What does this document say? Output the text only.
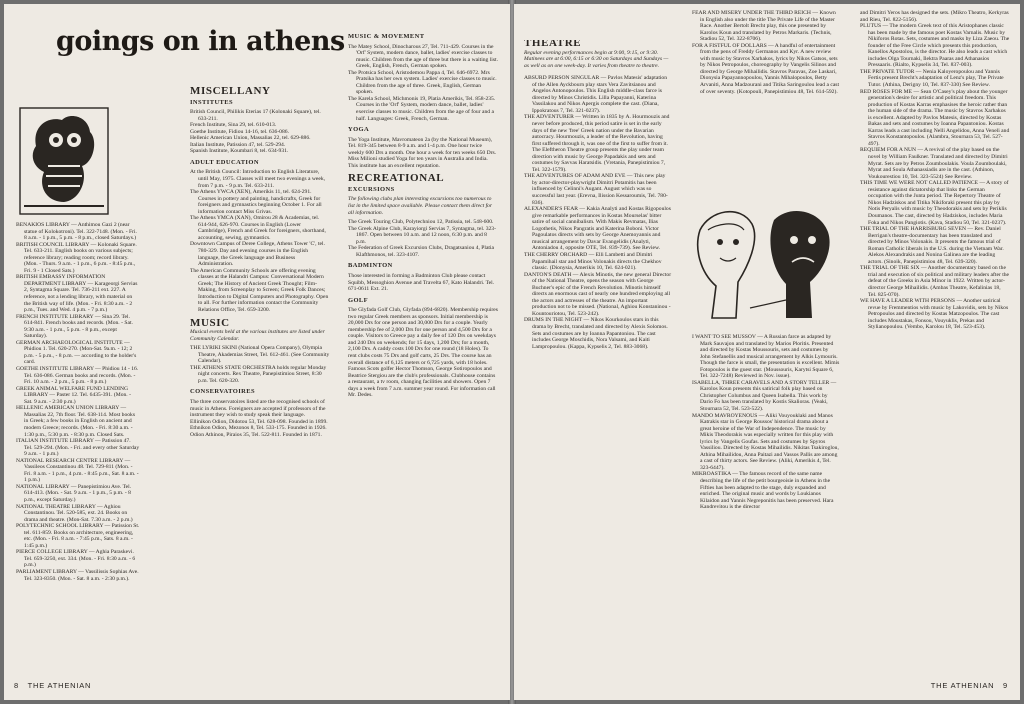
goings on in athens

BENAKIOS LIBRARY — Anthimou Gazi 2 (near statue of Kolokotroni). Tel. 322-7148. (Mon. - Fri. 8 a.m. - 1 p.m., 5 p.m. - 8 p.m., closed Saturdays.)

BRITISH COUNCIL LIBRARY — Kolonaki Square. Tel. 633-211. English books on various subjects; reference library; reading room; record library. (Mon. - Thurs. 9 a.m. - 1 p.m., 6 p.m. - 8:45 p.m., Fri. 9 - 1 Closed Sats.)

BRITISH EMBASSY INFORMATION DEPARTMENT LIBRARY — Karageorgi Servias 2, Syntagma Square. Tel. 736-211 ext. 227. A reference, not a lending library, with material on the British way of life. (Mon. - Fri. 8:30 a.m. - 2 p.m., Tues. and Wed. 4 p.m. - 7 p.m.)

FRENCH INSTITUTE LIBRARY — Sina 29. Tel. 614-841. French books and records. (Mon. - Sat. 9:30 a.m. - 1 p.m., 5 p.m. - 8 p.m., except Saturday).

GERMAN ARCHAEOLOGICAL INSTITUTE — Phidiou 1. Tel. 620-270. (Mon-Sat. 9a.m. - 12; 2 p.m. - 5 p.m., - 8 p.m. — according to the holder's card.

GOETHE INSTITUTE LIBRARY — Phidiou 14 - 16. Tel. 636-086. German books and records. (Mon. - Fri. 10 a.m. - 2 p.m., 5 p.m. - 8 p.m.)

GREEK ANIMAL WELFARE FUND LENDING LIBRARY — Paster 12. Tel. 6435-391. (Mon. - Sat. 9 a.m. - 2:30 p.m.)

HELLENIC AMERICAN UNION LIBRARY — Massalias 22, 7th floor. Tel. 638-114. Most books in Greek; a few books in English on ancient and modern Greece; records. (Mon. - Fri. 8:30 a.m. - 1:30 p.m., 5:30 p.m. - 8:30 p.m. Closed Sats.

ITALIAN INSTITUTE LIBRARY — Patission 47. Tel. 529-294. (Mon. - Fri. and every other Saturday 9 a.m. - 1 p.m.)

NATIONAL RESEARCH CENTRE LIBRARY — Vassileos Constantinou 48. Tel. 729-811 (Mon. - Fri. 8 a.m. - 1 p.m., 4 p.m. - 8:45 p.m., Sat. 8 a.m. - 1 p.m.)

NATIONAL LIBRARY — Panepistimiou Ave. Tel. 614-413. (Mon. - Sat. 9 a.m. - 1 p.m., 5 p.m. - 8 p.m., except Saturday.)

NATIONAL THEATRE LIBRARY — Aghiou Constantinou. Tel. 520-585, ext. 24. Books on drama and theatre. (Mon-Sat. 7.30 a.m. - 2 p.m.)

POLYTECHNIC SCHOOL LIBRARY — Patission St. tel. 611-859. Books on architecture, engineering, etc. (Mon. - Fri. 8 a.m. - 7:45 p.m., Sats. 8 a.m. - 1:45 p.m.)

PIERCE COLLEGE LIBRARY — Aghia Paraskevi. Tel. 659-3250, ext. 334. (Mon. - Fri. 8:30 a.m. - 6 p.m.)

PARLIAMENT LIBRARY — Vassilissis Sophias Ave. Tel. 323-8350. (Mon. - Sat. 8 a.m. - 2:30 p.m.).

MISCELLANY
INSTITUTES

British Council, Philikis Eterias 17 (Kolonaki Square), tel. 633-211.

French Institute, Sina 29, tel. 610-013.

Goethe Institute, Fidiou 14-16, tel. 636-086.

Hellenic American Union, Massalias 22, tel. 629-886.

Italian Institute, Patission 47, tel. 529-294.

Spanish Institute, Koumbari 8, tel. 634-931.

ADULT EDUCATION

At the British Council: Introduction to English Literature, until May, 1975. Classes will meet two evenings a week, from 7 p.m. - 9 p.m. Tel. 633-211.

The Athens YWCA (XEN), Amerikis 11, tel. 624-291. Courses in pottery and painting, handicrafts, Greek for foreigners and gymnastics beginning October 1. For all information contact Miss Grivas.

The Athens YMCA (XAN), Omirou 28 & Academias, tel. 614-944, 626-970. Courses in English (Lower Cambridge), French and Greek for foreigners, shorthand, accounting, sewing, gymnastics.

Downtown Campus of Deree College, Athens Tower 'C', tel. 780-329. Day and evening courses in the English language, the Greek language and Business Administration.

The American Community Schools are offering evening classes at the Halandri Campus: Conversational Modern Greek; The History of Ancient Greek Thought; Film-Making, from Screenplay to Screen; Greek Folk Dances; Introduction to Digital Computers and Photography. Open to all. For further information contact the Community Relations Office, Tel. 659-3200.

MUSIC

Musical events held at the various institutes are listed under Community Calendar.

THE LYRIKI SKINI (National Opera Company), Olympia Theatre, Akademias Street, Tel. 612-461. (See Community Calendar).

THE ATHENS STATE ORCHESTRA holds regular Monday night concerts. Rex Theatre, Panepistimiou Street, 8:30 p.m. Tel. 620-320.

CONSERVATOIRES

The three conservatoires listed are the recognised schools of music in Athens. Foreigners are accepted if professors of the instrument they wish to study speak their language.

Ellinikon Odion, Didotou 53, Tel. 628-098. Founded in 1899.

Ethnikon Odion, Mezonos 8, Tel. 533-175. Founded in 1926.

Odion Athinon, Piraios 35, Tel. 522-811. Founded in 1871.

MUSIC & MOVEMENT

The Matey School, Dinocharous 27, Tel. 711-429. Courses in the 'Orf' System, modern dance, ballet, ladies' exercise classes to music. Children from the age of three but there is a waiting list. Greek, English, French, German spoken.

The Protsica School, Aristodemou Pappa 4, Tel. 646-6972. Mrs Pratsika has her own system. Ladies' exercise classes to music. Children from the age of three. Greek, English, German spoken.

The Karela School, Michmonis 19, Platia Amerikis, Tel. 858-235. Courses in the 'Orf' System, modern dance, ballet, ladies' exercise classes to music. Children from the age of four and a half. Languages: Greek, French, German.

YOGA

The Yoga Institute, Mavromateon 2a (by the National Museum), Tel. 819-345 between 8-9 a.m. and 1-4 p.m. One hour twice weekly 600 Drs a month. One hour a week for ten weeks 650 Drs. Miss Milioni studied Yoga for ten years in Australia and India. This institute has an excellent reputation.

RECREATIONAL
EXCURSIONS

The following clubs plan interesting excursions too numerous to list in the limited space available. Please contact them direct for all information.

The Greek Touring Club, Polytechniou 12, Patissia, tel. 548-600.

The Greek Alpine Club, Karayiorgi Servias 7, Syntagma, tel. 323-1867. Open between 10 a.m. and 12 noon, 6:30 p.m. and 8 p.m.

The Federation of Greek Excursion Clubs, Dragatsaniou 4, Platia Klafthmonos, tel. 323-4107.

BADMINTON

Those interested in forming a Badminton Club please contact Squibb, Messoghion Avenue and Travelta 67, Kato Halandri. Tel. 671-0611 Ext. 21.

GOLF

The Glyfada Golf Club, Glyfada (894-6820). Membership requires two regular Greek members as sponsors. Initial membership is 20,000 Drs for one person and 30,000 Drs for a couple. Yearly membership fee of 2,000 Drs for one person and 4,500 Drs for a couple. Visitors to Greece pay a daily fee of 120 Drs on weekdays and 240 Drs on weekends; for 15 days, 1,200 Drs; for a month, 2,100 Drs. A caddy costs 100 Drs for one round (18 Holes). To rent clubs costs 75 Drs and golf carts, 25 Drs. The course has an overall distance of 6,125 meters or 6,725 yards, with 18 holes. Famous Scots golfer Hector Thomson, George Sotiropoulos and Beatrice Stergiou are the club's professionals. Clubhouse contains a restaurant, a tv room, changing facilities and showers. Open 7 days a week from 7 a.m. summer year round. For information call Mr. Dedes.

8 THE ATHENIAN
THEATRE

Regular evening performances begin at 9:00, 9:15, or 9:30. Matinees are at 6:00, 6:15 or 6:30 on Saturdays and Sundays — as well as on one week-day. It varies from theatre to theatre.

ABSURD PERSON SINGULAR — Pavlos Matesis' adaptation of the Allen Ayckbourn play stars Vera Zavitsianou and Angelos Antonopoulos. This English middle-class farce is directed by Minos Christidis. Lilla Papayanni, Katerina Vassilakou and Nikos Apergis complete the cast. (Diana, Ippokratous 7, Tel. 321-0237).

THE ADVENTURER — Written in 1835 by A. Hourmouzis and never before produced, this period satire is set in the early days of the new 'free' Greek nation under the Bavarian autocracy. Hourmouzis, a leader of the Revolution, having first suffered through it, was one of the first to suffer from it. The Eleftheron Theatre group presents the play under team direction with music by George Papadakis and sets and costumes by Savvas Haratsidis. (Vretania, Panepistimiou 7, Tel. 322-1579).

THE ADVENTURES OF ADAM AND EVE — This new play by actor-director-playwright Dimitri Potamitis has been influenced by Celinni's Augant. August which was so successful last year. (Erevna, Ilission Kessaroumis, Tel. 780-836).

ALEXANDER'S FEAR — Kakia Analyti and Kostas Rigopoulos give remarkable performances in Kostas Mourselas' bitter satire of social cannibalism. With Makis Revmatas, Ilias Logothetis, Nikos Pangratis and Katerina Boboni. Victor Pagoulatos directs with sets by George Anemoyannis and musical arrangement by Davar Evangelidis (Analyti, Antoniadou 4, opposite OTE, Tel. 839-739). See Review.

THE CHERRY ORCHARD — Elli Lambetti and Dimitri Papamihail star and Minos Volonakis directs the Chekhov classic. (Dionysia, Amerikis 10, Tel. 624-021).

DANTON'S DEATH — Alexis Minotis, the new general Director of the National Theatre, opens the season with George Buchner's epic of the French Revolution. Minotis himself directs an enormous cast of nearly one hundred employing all the actors and actresses of the theatre. An important production not to be missed. (National, Aghiou Konstaninou - Kountouriotou, Tel. 523-242).

DRUMS IN THE NIGHT — Nikos Kourkoulos stars in this drama by Brecht, translated and directed by Alexis Solomos. Sets and costumes are by Ioanna Papantoniou. The cast includes George Moschidis, Nora Valsami, and Kaiti Lampropoulou. (Kappa, Kypselis 2, Tel. 883-3068).

FEAR AND MISERY UNDER THE THIRD REICH — Known in English also under the title The Private Life of the Master Race. Another Bertolt Brecht play, this one presented by Karolos Koun and translated by Petros Markaris. (Technis, Stadiou 52, Tel. 322-8706).

FOR A FISTFUL OF DOLLARS — A handful of entertainment from the pens of Freddy Germanos and Kyr. A new review with music by Stavros Xarhakos, lyrics by Nikos Gatsos, sets by Nikos Petropoulos, choreography by Vangelis Silinos and directed by George Mihailidis. Stavros Paravas, Zoe Laskari, Dionysia Papayannopoulou, Yannis Mihalopoulos, Betty Arvaniti, Anna Madzourani and Titika Saringoulou lead a cast of over seventy. (Kotopouli, Panepistimiou 48, Tel. 614-592).

I WANT TO SEE MUSSOV — A Russian farce as adapted by Mark Sauvajon and translated by Marios Ploritis. Presented and directed by Kostas Moussouris, sets and costumes by John Stefanellis and musical arrangement by Alkis Lymouris. Though the farce is small, the presentation is excellent. Mimis Fotopoulos is the guest star. (Moussouris, Karytsi Square 6, Tel. 322-7248) Reviewed in Nov. issue).

ISABELLA, THREE CARAVELS AND A STORY TELLER — Karolos Koun presents this satirical folk play based on Christopher Columbus and Queen Isabella. This work by Dario Fo has been translated by Kostis Skalioras. (Veaki, Stournara 52, Tel. 523-522).

MANDO MAVROYENOUS — Aliki Vouyouklaki and Manos Katrakis star in George Roussos' historical drama about a great heroine of the War of Independence. The music by Mikis Theodorakis was especially written for this play with lyrics by Vangelis Goufas. Sets and costumes by Spyros Vassiliou. Directed by Kostas Mihailidis. Nikitas Tsakiroglou, Athina Mihailidou, Anna Paitazi and Vassos Pallis are among a cast of thirty actors. See Review. (Aliki, Amerikis 4, Tel. 323-6447).

MIKROASTIKA — The famous record of the same name describing the life of the petit bourgeoisie in Athens in the Fifties has been adapted to the stage, duly expanded and enriched. The original music and words by Loukianos Kilaidon and Yannis Negreponitis has been preserved. Hara Kandrevitou is the director

and Dimitri Yeros has designed the sets. (Mikro Theatro, Kerkyras and Rieu, Tel. 822-5156).

PLUTUS — The modern Greek text of this Aristophanes classic has been made by the famous poet Kostas Varnalis. Music by Nikiforos Rotas. Sets, costumes and masks by Liza Zaeou. The founder of the Free Circle which presents this production, Kanellos Apostolou, is the director. He also leads a cast which includes Olga Tournaki, Ilektra Paaras and Athanasios Pressaaris. (Rialto, Kypselis 34, Tel. 837-003).

THE PRIVATE TUTOR — Nenia Kaloyeropoulou and Yannis Fertis present Brecht's adaptation of Lenz's play, The Private Tutor. (Athina, Derigny 10, Tel. 837-330) See Review.

RED ROSES FOR ME — Sean O'Casey's play about the younger generation's desire for artistic and political freedom. This production of Kostas Karras emphasises the heroic rather than the human side of the drama. The music by Stavros Xarhakos is excellent. Adapted by Pavlos Matesis, directed by Kostas Bakas and sets and costumes by Ioanna Papantoniou. Kostas Karras leads a cast including Nelli Angelidou, Anna Veneli and Stavros Konstantopoulos. (Alambra, Stournara 53, Tel. 527-497).

REQUIEM FOR A NUN — A revival of the play based on the novel by William Faulkner. Translated and directed by Dimitri Myrat. Sets are by Petros Zoumboulakis. Voula Zoumboulaki, Myrat and Soula Athanassiadis are in the cast. (Athinon, Voukourestiou 10, Tel. 323-5524) See Review.

THIS TIME WE WERE NOT CALLED PATIENCE — A story of resistance against dictatorship that links the German occupation with the Junta period. The Repertory Theatre of Nikos Hadziskos and Titika Nikiforaki present this play by Notis Peryalis with music by Theodorakis and sets by Periklis Doumanos. The cast, directed by Hadziskos, includes Maria Foka and Nikos Pangiotis. (Kava, Stadiou 50, Tel. 321-0237).

THE TRIAL OF THE HARRISBURG SEVEN — Rev. Daniel Berrigan's theatre-documentary has been translated and directed by Minos Volonakis. It presents the famous trial of Roman Catholic liberals in the U.S. during the Vietnam War. Alekos Alexandrakis and Nonina Galinea are the leading actors. (Sinoik, Panepistimiou 48, Tel. 639-320).

THE TRIAL OF THE SIX — Another documentary based on the trial and execution of six political and military leaders after the defeat of the Greeks in Asia Minor in 1922. Written by actor-director George Mihailidis. (Ambas Theatre, Kefalinias 18, Tel. 825-070).

WE HAVE A LEADER WITH PERSONS — Another satirical revue by Fremmentios with music by Lakovidis, sets by Nikos Petropoulos and directed by Kostas Matzopoulos. The cast includes Moustakas, Fonsou, Vouyuklis, Prekas and Stylianopoulou. (Vembo, Karolou 18, Tel. 523-453).

THE ATHENIAN 9
